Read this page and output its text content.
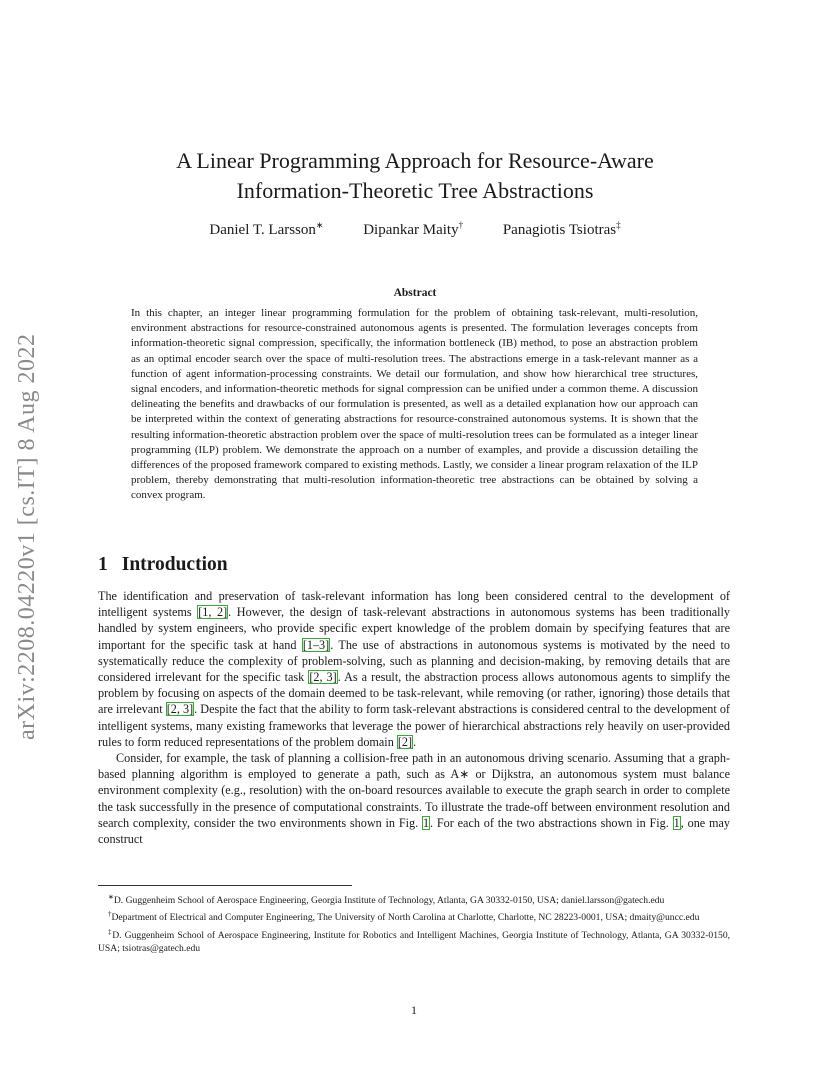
arXiv:2208.04220v1 [cs.IT] 8 Aug 2022
A Linear Programming Approach for Resource-Aware
Information-Theoretic Tree Abstractions
Daniel T. Larsson∗	Dipankar Maity†	Panagiotis Tsiotras‡
Abstract
In this chapter, an integer linear programming formulation for the problem of obtaining task-relevant, multi-resolution, environment abstractions for resource-constrained autonomous agents is presented. The formulation leverages concepts from information-theoretic signal compression, specifically, the information bottleneck (IB) method, to pose an abstraction problem as an optimal encoder search over the space of multi-resolution trees. The abstractions emerge in a task-relevant manner as a function of agent information-processing constraints. We detail our formulation, and show how hierarchical tree structures, signal encoders, and information-theoretic methods for signal compression can be unified under a common theme. A discussion delineating the benefits and drawbacks of our formulation is presented, as well as a detailed explanation how our approach can be interpreted within the context of generating abstractions for resource-constrained autonomous systems. It is shown that the resulting information-theoretic abstraction problem over the space of multi-resolution trees can be formulated as a integer linear programming (ILP) problem. We demonstrate the approach on a number of examples, and provide a discussion detailing the differences of the proposed framework compared to existing methods. Lastly, we consider a linear program relaxation of the ILP problem, thereby demonstrating that multi-resolution information-theoretic tree abstractions can be obtained by solving a convex program.
1 Introduction

The identification and preservation of task-relevant information has long been considered central to the development of intelligent systems [1, 2]. However, the design of task-relevant abstractions in autonomous systems has been traditionally handled by system engineers, who provide specific expert knowledge of the problem domain by specifying features that are important for the specific task at hand [1–3]. The use of abstractions in autonomous systems is motivated by the need to systematically reduce the complexity of problem-solving, such as planning and decision-making, by removing details that are considered irrelevant for the specific task [2, 3]. As a result, the abstraction process allows autonomous agents to simplify the problem by focusing on aspects of the domain deemed to be task-relevant, while removing (or rather, ignoring) those details that are irrelevant [2, 3]. Despite the fact that the ability to form task-relevant abstractions is considered central to the development of intelligent systems, many existing frameworks that leverage the power of hierarchical abstractions rely heavily on user-provided rules to form reduced representations of the problem domain [2].

Consider, for example, the task of planning a collision-free path in an autonomous driving scenario. Assuming that a graph-based planning algorithm is employed to generate a path, such as A∗ or Dijkstra, an autonomous system must balance environment complexity (e.g., resolution) with the on-board resources available to execute the graph search in order to complete the task successfully in the presence of computational constraints. To illustrate the trade-off between environment resolution and search complexity, consider the two environments shown in Fig. 1. For each of the two abstractions shown in Fig. 1, one may construct

∗D. Guggenheim School of Aerospace Engineering, Georgia Institute of Technology, Atlanta, GA 30332-0150, USA; daniel.larsson@gatech.edu

†Department of Electrical and Computer Engineering, The University of North Carolina at Charlotte, Charlotte, NC 28223-0001, USA; dmaity@uncc.edu

‡D. Guggenheim School of Aerospace Engineering, Institute for Robotics and Intelligent Machines, Georgia Institute of Technology, Atlanta, GA 30332-0150, USA; tsiotras@gatech.edu

1
